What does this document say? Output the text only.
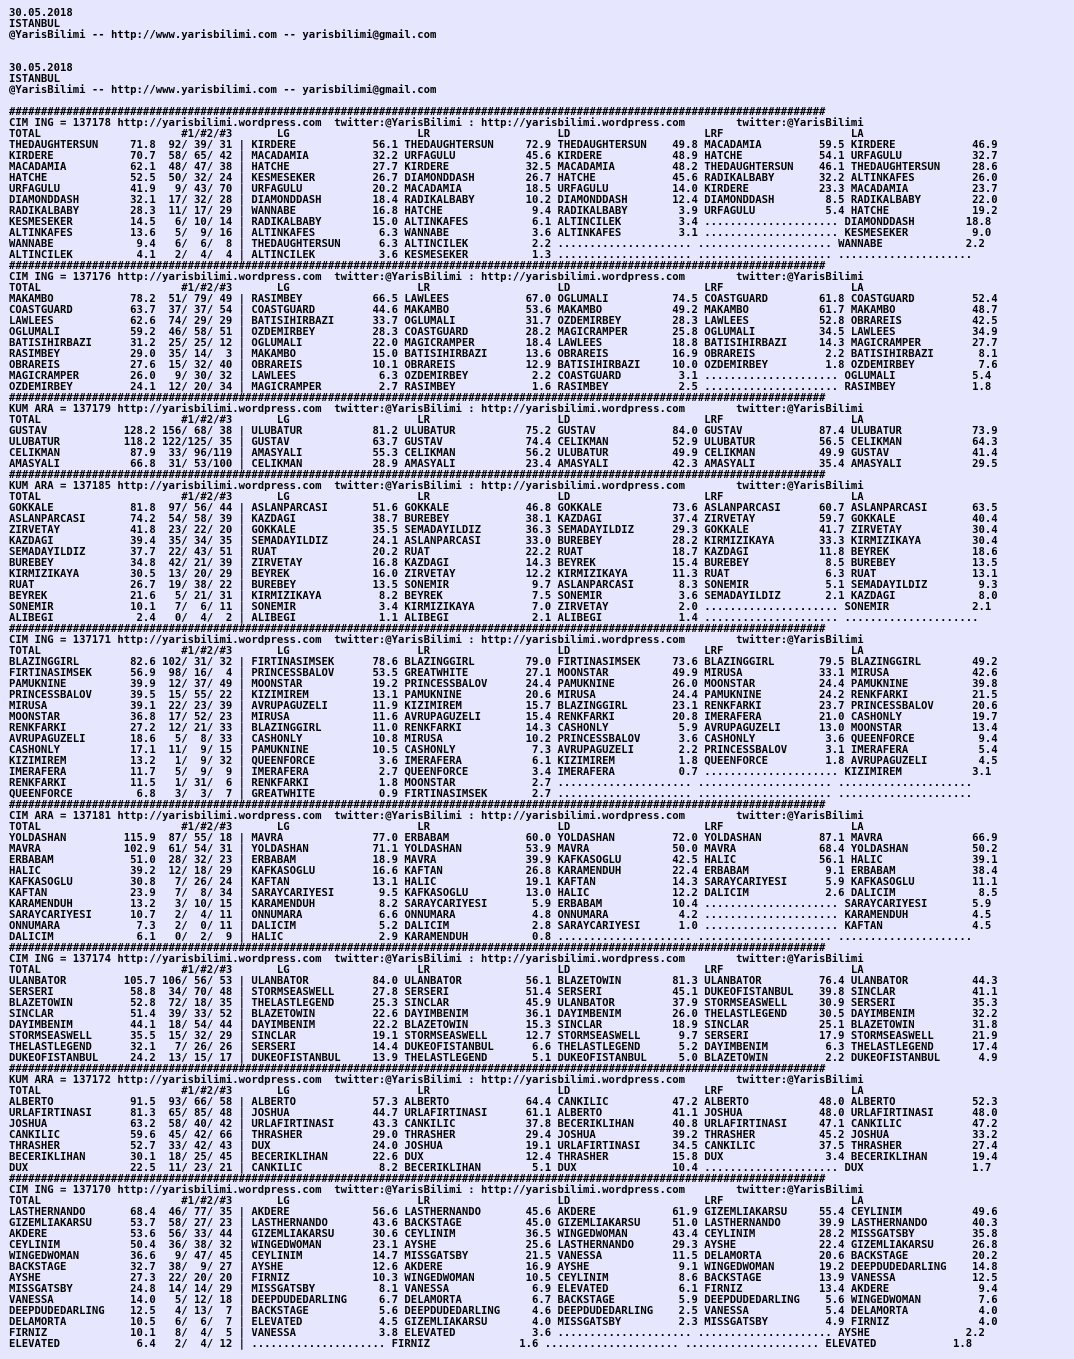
30.05.2018
ISTANBUL
@YarisBilimi -- http://www.yarisbilimi.com -- yarisbilimi@gmail.com
30.05.2018
ISTANBUL
@YarisBilimi -- http://www.yarisbilimi.com -- yarisbilimi@gmail.com
################################################################################################################################
CIM ING = 137178 http://yarisbilimi.wordpress.com  twitter:@YarisBilimi : http://yarisbilimi.wordpress.com        twitter:@YarisBilimi
TOTAL                      #1/#2/#3       LG                    LR                    LD                     LRF                    LA
THEDAUGHTERSUN     71.8  92/ 39/ 31 | KIRDERE            56.1 THEDAUGHTERSUN     72.9 THEDAUGHTERSUN    49.8 MACADAMIA         59.5 KIRDERE            46.9
KIRDERE            70.7  58/ 65/ 42 | MACADAMIA          32.2 URFAGULU           45.6 KIRDERE           48.9 HATCHE            54.1 URFAGULU           32.7
MACADAMIA          62.1  48/ 47/ 38 | HATCHE             27.7 KIRDERE            32.5 MACADAMIA         48.2 THEDAUGHTERSUN    46.1 THEDAUGHTERSUN     28.6
HATCHE             52.5  50/ 32/ 24 | KESMESEKER         26.7 DIAMONDDASH        26.7 HATCHE            45.6 RADIKALBABY       32.2 ALTINKAFES         26.0
URFAGULU           41.9   9/ 43/ 70 | URFAGULU           20.2 MACADAMIA          18.5 URFAGULU          14.0 KIRDERE           23.3 MACADAMIA          23.7
DIAMONDDASH        32.1  17/ 32/ 28 | DIAMONDDASH        18.4 RADIKALBABY        10.2 DIAMONDDASH       12.4 DIAMONDDASH        8.5 RADIKALBABY        22.0
RADIKALBABY        28.3  11/ 17/ 29 | WANNABE            16.8 HATCHE              9.4 RADIKALBABY        3.9 URFAGULU           5.4 HATCHE             19.2
KESMESEKER         14.5   6/ 10/ 14 | RADIKALBABY        15.0 ALTINKAFES          6.1 ALTINCILEK         3.4 ..................... DIAMONDDASH        18.8
ALTINKAFES         13.6   5/  9/ 16 | ALTINKAFES          6.3 WANNABE             3.6 ALTINKAFES         3.1 ..................... KESMESEKER          9.0
WANNABE             9.4   6/  6/  8 | THEDAUGHTERSUN      6.3 ALTINCILEK          2.2 ..................... ..................... WANNABE             2.2
ALTINCILEK          4.1   2/  4/  4 | ALTINCILEK          3.6 KESMESEKER          1.3 ..................... ..................... .....................
################################################################################################################################
CIM ING = 137176 http://yarisbilimi.wordpress.com  twitter:@YarisBilimi : http://yarisbilimi.wordpress.com        twitter:@YarisBilimi
TOTAL                      #1/#2/#3       LG                    LR                    LD                     LRF                    LA
MAKAMBO            78.2  51/ 79/ 49 | RASIMBEY           66.5 LAWLEES            67.0 OGLUMALI          74.5 COASTGUARD        61.8 COASTGUARD         52.4
COASTGUARD         63.7  37/ 37/ 54 | COASTGUARD         44.6 MAKAMBO            53.6 MAKAMBO           49.2 MAKAMBO           61.7 MAKAMBO            48.7
LAWLEES            62.6  74/ 29/ 29 | BATISIHIRBAZI      33.7 OGLUMALI           31.7 OZDEMIRBEY        28.3 LAWLEES           52.8 OBRAREIS           42.5
OGLUMALI           59.2  46/ 58/ 51 | OZDEMIRBEY         28.3 COASTGUARD         28.2 MAGICRAMPER       25.8 OGLUMALI          34.5 LAWLEES            34.9
BATISIHIRBAZI      31.2  25/ 25/ 12 | OGLUMALI           22.0 MAGICRAMPER        18.4 LAWLEES           18.8 BATISIHIRBAZI     14.3 MAGICRAMPER        27.7
RASIMBEY           29.0  35/ 14/  3 | MAKAMBO            15.0 BATISIHIRBAZI      13.6 OBRAREIS          16.9 OBRAREIS           2.2 BATISIHIRBAZI       8.1
OBRAREIS           27.6  15/ 32/ 40 | OBRAREIS           10.1 OBRAREIS           12.9 BATISIHIRBAZI     10.0 OZDEMIRBEY         1.8 OZDEMIRBEY          7.6
MAGICRAMPER        26.0   9/ 30/ 32 | LAWLEES             6.3 OZDEMIRBEY          2.2 COASTGUARD         3.1 ..................... OGLUMALI            5.4
OZDEMIRBEY         24.1  12/ 20/ 34 | MAGICRAMPER         2.7 RASIMBEY            1.6 RASIMBEY           2.5 ..................... RASIMBEY            1.8
################################################################################################################################
KUM ARA = 137179 http://yarisbilimi.wordpress.com  twitter:@YarisBilimi : http://yarisbilimi.wordpress.com        twitter:@YarisBilimi
TOTAL                      #1/#2/#3       LG                    LR                    LD                     LRF                    LA
GUSTAV            128.2 156/ 68/ 38 | ULUBATUR           81.2 ULUBATUR           75.2 GUSTAV            84.0 GUSTAV            87.4 ULUBATUR           73.9
ULUBATUR          118.2 122/125/ 35 | GUSTAV             63.7 GUSTAV             74.4 CELIKMAN          52.9 ULUBATUR          56.5 CELIKMAN           64.3
CELIKMAN           87.9  33/ 96/119 | AMASYALI           55.3 CELIKMAN           56.2 ULUBATUR          49.9 CELIKMAN          49.9 GUSTAV             41.4
AMASYALI           66.8  31/ 53/100 | CELIKMAN           28.9 AMASYALI           23.4 AMASYALI          42.3 AMASYALI          35.4 AMASYALI           29.5
################################################################################################################################
KUM ARA = 137185 http://yarisbilimi.wordpress.com  twitter:@YarisBilimi : http://yarisbilimi.wordpress.com        twitter:@YarisBilimi
TOTAL                      #1/#2/#3       LG                    LR                    LD                     LRF                    LA
GOKKALE            81.8  97/ 56/ 44 | ASLANPARCASI       51.6 GOKKALE            46.8 GOKKALE           73.6 ASLANPARCASI      60.7 ASLANPARCASI       63.5
ASLANPARCASI       74.2  54/ 58/ 39 | KAZDAGI            38.7 BUREBEY            38.1 KAZDAGI           37.4 ZIRVETAY          59.7 GOKKALE            40.4
ZIRVETAY           41.8  23/ 22/ 20 | GOKKALE            35.5 SEMADAYILDIZ       36.3 SEMADAYILDIZ      29.3 GOKKALE           41.7 ZIRVETAY           30.4
KAZDAGI            39.4  35/ 34/ 35 | SEMADAYILDIZ       24.1 ASLANPARCASI       33.0 BUREBEY           28.2 KIRMIZIKAYA       33.3 KIRMIZIKAYA        30.4
SEMADAYILDIZ       37.7  22/ 43/ 51 | RUAT               20.2 RUAT               22.2 RUAT              18.7 KAZDAGI           11.8 BEYREK             18.6
BUREBEY            34.8  42/ 21/ 39 | ZIRVETAY           16.8 KAZDAGI            14.3 BEYREK            15.4 BUREBEY            8.5 BUREBEY            13.5
KIRMIZIKAYA        30.5  13/ 20/ 29 | BEYREK             16.0 ZIRVETAY           12.2 KIRMIZIKAYA       11.3 RUAT               6.3 RUAT               13.1
RUAT               26.7  19/ 38/ 22 | BUREBEY            13.5 SONEMIR             9.7 ASLANPARCASI       8.3 SONEMIR            5.1 SEMADAYILDIZ        9.3
BEYREK             21.6   5/ 21/ 31 | KIRMIZIKAYA         8.2 BEYREK              7.5 SONEMIR            3.6 SEMADAYILDIZ       2.1 KAZDAGI             8.0
SONEMIR            10.1   7/  6/ 11 | SONEMIR             3.4 KIRMIZIKAYA         7.0 ZIRVETAY           2.0 ..................... SONEMIR             2.1
ALIBEGI             2.4   0/  4/  2 | ALIBEGI             1.1 ALIBEGI             2.1 ALIBEGI            1.4 ..................... .....................
################################################################################################################################
CIM ING = 137171 http://yarisbilimi.wordpress.com  twitter:@YarisBilimi : http://yarisbilimi.wordpress.com        twitter:@YarisBilimi
TOTAL                      #1/#2/#3       LG                    LR                    LD                     LRF                    LA
BLAZINGGIRL        82.6 102/ 31/ 32 | FIRTINASIMSEK      78.6 BLAZINGGIRL        79.0 FIRTINASIMSEK     73.6 BLAZINGGIRL       79.5 BLAZINGGIRL        49.2
FIRTINASIMSEK      56.9  98/ 16/  4 | PRINCESSBALOV      53.5 GREATWHITE         27.1 MOONSTAR          49.9 MIRUSA            33.1 MIRUSA             42.6
PAMUKNINE          39.9  12/ 37/ 49 | MOONSTAR           19.2 PRINCESSBALOV      24.4 PAMUKNINE         26.0 MOONSTAR          24.4 PAMUKNINE          39.8
PRINCESSBALOV      39.5  15/ 55/ 22 | KIZIMIREM          13.1 PAMUKNINE          20.6 MIRUSA            24.4 PAMUKNINE         24.2 RENKFARKI          21.5
MIRUSA             39.1  22/ 23/ 39 | AVRUPAGUZELI       11.9 KIZIMIREM          15.7 BLAZINGGIRL       23.1 RENKFARKI         23.7 PRINCESSBALOV      20.6
MOONSTAR           36.8  17/ 52/ 23 | MIRUSA             11.6 AVRUPAGUZELI       15.4 RENKFARKI         20.8 IMERAFERA         21.0 CASHONLY           19.7
RENKFARKI          27.2  12/ 21/ 33 | BLAZINGGIRL        11.0 RENKFARKI          14.3 CASHONLY           5.9 AVRUPAGUZELI      13.0 MOONSTAR           13.4
AVRUPAGUZELI       18.6   5/  8/ 33 | CASHONLY           10.8 MIRUSA             10.2 PRINCESSBALOV      3.6 CASHONLY           3.6 QUEENFORCE          9.4
CASHONLY           17.1  11/  9/ 15 | PAMUKNINE          10.5 CASHONLY            7.3 AVRUPAGUZELI       2.2 PRINCESSBALOV      3.1 IMERAFERA           5.4
KIZIMIREM          13.2   1/  9/ 32 | QUEENFORCE          3.6 IMERAFERA           6.1 KIZIMIREM          1.8 QUEENFORCE         1.8 AVRUPAGUZELI        4.5
IMERAFERA          11.7   5/  9/  9 | IMERAFERA           2.7 QUEENFORCE          3.4 IMERAFERA          0.7 ..................... KIZIMIREM           3.1
RENKFARKI          11.5   1/ 31/  6 | RENKFARKI           1.8 MOONSTAR            2.7 ..................... ..................... .....................
QUEENFORCE          6.8   3/  3/  7 | GREATWHITE          0.9 FIRTINASIMSEK       2.7 ..................... ..................... .....................
################################################################################################################################
CIM ARA = 137181 http://yarisbilimi.wordpress.com  twitter:@YarisBilimi : http://yarisbilimi.wordpress.com        twitter:@YarisBilimi
TOTAL                      #1/#2/#3       LG                    LR                    LD                     LRF                    LA
YOLDASHAN         115.9  87/ 55/ 18 | MAVRA              77.0 ERBABAM            60.0 YOLDASHAN         72.0 YOLDASHAN         87.1 MAVRA              66.9
MAVRA             102.9  61/ 54/ 31 | YOLDASHAN          71.1 YOLDASHAN          53.9 MAVRA             50.0 MAVRA             68.4 YOLDASHAN          50.2
ERBABAM            51.0  28/ 32/ 23 | ERBABAM            18.9 MAVRA              39.9 KAFKASOGLU        42.5 HALIC             56.1 HALIC              39.1
HALIC              39.2  12/ 18/ 29 | KAFKASOGLU         16.6 KAFTAN             26.8 KARAMENDUH        22.4 ERBABAM            9.1 ERBABAM            38.4
KAFKASOGLU         30.8   7/ 26/ 24 | KAFTAN             13.1 HALIC              19.1 KAFTAN            14.3 SARAYCARIYESI      5.9 KAFKASOGLU         11.1
KAFTAN             23.9   7/  8/ 34 | SARAYCARIYESI       9.5 KAFKASOGLU         13.0 HALIC             12.2 DALICIM            2.6 DALICIM             8.5
KARAMENDUH         13.2   3/ 10/ 15 | KARAMENDUH          8.2 SARAYCARIYESI       5.9 ERBABAM           10.4 ..................... SARAYCARIYESI       5.9
SARAYCARIYESI      10.7   2/  4/ 11 | ONNUMARA            6.6 ONNUMARA            4.8 ONNUMARA           4.2 ..................... KARAMENDUH          4.5
ONNUMARA            7.3   2/  0/ 11 | DALICIM             5.2 DALICIM             2.8 SARAYCARIYESI      1.0 ..................... KAFTAN              4.5
DALICIM             6.1   0/  2/  9 | HALIC               2.9 KARAMENDUH          0.8 ..................... ..................... .....................
################################################################################################################################
CIM ING = 137174 http://yarisbilimi.wordpress.com  twitter:@YarisBilimi : http://yarisbilimi.wordpress.com        twitter:@YarisBilimi
TOTAL                      #1/#2/#3       LG                    LR                    LD                     LRF                    LA
ULANBATOR         105.7 106/ 56/ 53 | ULANBATOR          84.0 ULANBATOR          56.1 BLAZETOWIN        81.3 ULANBATOR         76.4 ULANBATOR          44.3
SERSERI            58.8  34/ 70/ 48 | STORMSEASWELL      27.8 SERSERI            51.4 SERSERI           45.1 DUKEOFISTANBUL    39.8 SINCLAR            41.1
BLAZETOWIN         52.8  72/ 18/ 35 | THELASTLEGEND      25.3 SINCLAR            45.9 ULANBATOR         37.9 STORMSEASWELL     30.9 SERSERI            35.3
SINCLAR            51.4  39/ 33/ 52 | BLAZETOWIN         22.6 DAYIMBENIM         36.1 DAYIMBENIM        26.0 THELASTLEGEND     30.5 DAYIMBENIM         32.2
DAYIMBENIM         44.1  18/ 54/ 44 | DAYIMBENIM         22.2 BLAZETOWIN         15.3 SINCLAR           18.9 SINCLAR           25.1 BLAZETOWIN         31.8
STORMSEASWELL      35.5  15/ 32/ 29 | SINCLAR            19.1 STORMSEASWELL      12.7 STORMSEASWELL      9.7 SERSERI           17.9 STORMSEASWELL      21.9
THELASTLEGEND      32.1   7/ 26/ 26 | SERSERI            14.4 DUKEOFISTANBUL      6.6 THELASTLEGEND      5.2 DAYIMBENIM         6.3 THELASTLEGEND      17.4
DUKEOFISTANBUL     24.2  13/ 15/ 17 | DUKEOFISTANBUL     13.9 THELASTLEGEND       5.1 DUKEOFISTANBUL     5.0 BLAZETOWIN         2.2 DUKEOFISTANBUL      4.9
################################################################################################################################
KUM ARA = 137172 http://yarisbilimi.wordpress.com  twitter:@YarisBilimi : http://yarisbilimi.wordpress.com        twitter:@YarisBilimi
TOTAL                      #1/#2/#3       LG                    LR                    LD                     LRF                    LA
ALBERTO            91.5  93/ 66/ 58 | ALBERTO            57.3 ALBERTO            64.4 CANKILIC          47.2 ALBERTO           48.0 ALBERTO            52.3
URLAFIRTINASI      81.3  65/ 85/ 48 | JOSHUA             44.7 URLAFIRTINASI      61.1 ALBERTO           41.1 JOSHUA            48.0 URLAFIRTINASI      48.0
JOSHUA             63.2  58/ 40/ 42 | URLAFIRTINASI      43.3 CANKILIC           37.8 BECERIKLIHAN      40.8 URLAFIRTINASI     47.1 CANKILIC           47.2
CANKILIC           59.6  45/ 42/ 66 | THRASHER           29.0 THRASHER           29.4 JOSHUA            39.2 THRASHER          45.2 JOSHUA             33.2
THRASHER           52.7  33/ 42/ 43 | DUX                24.0 JOSHUA             19.1 URLAFIRTINASI     34.5 CANKILIC          37.5 THRASHER           27.4
BECERIKLIHAN       30.1  18/ 25/ 45 | BECERIKLIHAN       22.6 DUX                12.4 THRASHER          15.8 DUX                3.4 BECERIKLIHAN       19.4
DUX                22.5  11/ 23/ 21 | CANKILIC            8.2 BECERIKLIHAN        5.1 DUX               10.4 ..................... DUX                 1.7
################################################################################################################################
CIM ING = 137170 http://yarisbilimi.wordpress.com  twitter:@YarisBilimi : http://yarisbilimi.wordpress.com        twitter:@YarisBilimi
TOTAL                      #1/#2/#3       LG                    LR                    LD                     LRF                    LA
LASTHERNANDO       68.4  46/ 77/ 35 | AKDERE             56.6 LASTHERNANDO       45.6 AKDERE            61.9 GIZEMLIAKARSU     55.4 CEYLINIM           49.6
GIZEMLIAKARSU      53.7  58/ 27/ 23 | LASTHERNANDO       43.6 BACKSTAGE          45.0 GIZEMLIAKARSU     51.0 LASTHERNANDO      39.9 LASTHERNANDO       40.3
AKDERE             53.6  56/ 33/ 44 | GIZEMLIAKARSU      30.6 CEYLINIM           36.5 WINGEDWOMAN       43.4 CEYLINIM          28.2 MISSGATSBY         35.8
CEYLINIM           50.4  36/ 38/ 32 | WINGEDWOMAN        23.1 AYSHE              25.6 LASTHERNANDO      29.3 AYSHE             22.4 GIZEMLIAKARSU      26.8
WINGEDWOMAN        36.6   9/ 47/ 45 | CEYLINIM           14.7 MISSGATSBY         21.5 VANESSA           11.5 DELAMORTA         20.6 BACKSTAGE          20.2
BACKSTAGE          32.7  38/  9/ 27 | AYSHE              12.6 AKDERE             16.9 AYSHE              9.1 WINGEDWOMAN       19.2 DEEPDUDEDARLING    14.8
AYSHE              27.3  22/ 20/ 20 | FIRNIZ             10.3 WINGEDWOMAN        10.5 CEYLINIM           8.6 BACKSTAGE         13.9 VANESSA            12.5
MISSGATSBY         24.8  14/ 14/ 29 | MISSGATSBY          8.1 VANESSA             6.9 ELEVATED           6.1 FIRNIZ            13.4 AKDERE              9.4
VANESSA            14.0   5/ 12/ 18 | DEEPDUDEDARLING     6.7 DELAMORTA           6.7 BACKSTAGE          5.9 DEEPDUDEDARLING    5.6 WINGEDWOMAN         7.6
DEEPDUDEDARLING    12.5   4/ 13/  7 | BACKSTAGE           5.6 DEEPDUDEDARLING     4.6 DEEPDUDEDARLING    2.5 VANESSA            5.4 DELAMORTA           4.0
DELAMORTA          10.5   6/  6/  7 | ELEVATED            4.5 GIZEMLIAKARSU       4.0 MISSGATSBY         2.3 MISSGATSBY         4.9 FIRNIZ              4.0
FIRNIZ             10.1   8/  4/  5 | VANESSA             3.8 ELEVATED            3.6 ..................... ..................... AYSHE               2.2
ELEVATED            6.4   2/  4/ 12 | ..................... FIRNIZ              1.6 ..................... ..................... ELEVATED            1.8
